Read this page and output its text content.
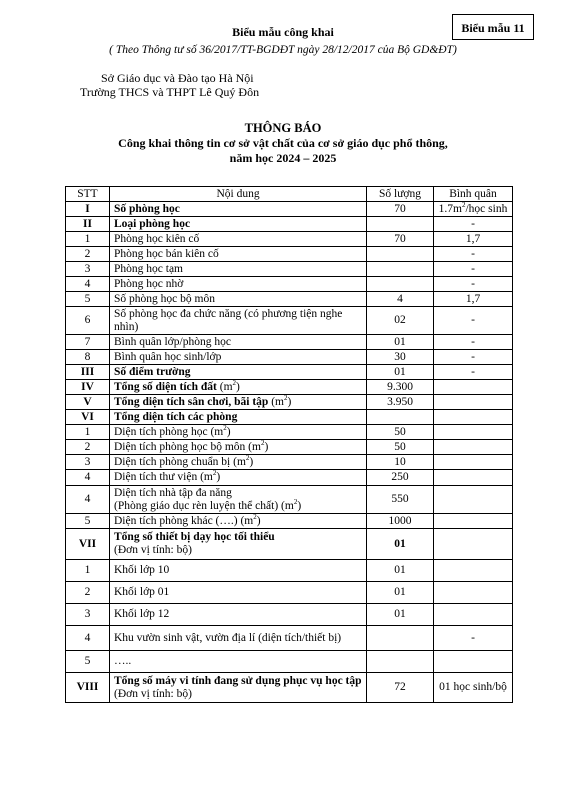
Biểu mẫu 11
Biểu mẫu công khai
( Theo Thông tư số 36/2017/TT-BGDĐT ngày 28/12/2017 của Bộ GD&ĐT)
Sở Giáo dục và Đào tạo Hà Nội
Trường THCS và THPT Lê Quý Đôn
THÔNG BÁO
Công khai thông tin cơ sở vật chất của cơ sở giáo dục phổ thông,
năm học 2024 – 2025
STT	Nội dung	Số lượng	Bình quân
I	Số phòng học	70	$1.7m^2$/học sinh
II	Loại phòng học		-
1	Phòng học kiên cố	70	1,7
2	Phòng học bán kiên cố		-
3	Phòng học tạm		-
4	Phòng học nhờ		-
5	Số phòng học bộ môn	4	1,7
6	Số phòng học đa chức năng (có phương tiện nghe nhìn)	02	-
7	Bình quân lớp/phòng học	01	-
8	Bình quân học sinh/lớp	30	-
III	Số điểm trường	01	-
IV	Tổng số diện tích đất $(m^2)$	9.300	
V	Tổng diện tích sân chơi, bãi tập $(m^2)$	3.950	
VI	Tổng diện tích các phòng		
1	Diện tích phòng học $(m^2)$	50	
2	Diện tích phòng học bộ môn $(m^2)$	50	
3	Diện tích phòng chuẩn bị $(m^2)$	10	
4	Diện tích thư viện $(m^2)$	250	
4	Diện tích nhà tập đa năng
(Phòng giáo dục rèn luyện thể chất) $(m^2)$	550	
5	Diện tích phòng khác (….) $(m^2)$	1000	
VII	Tổng số thiết bị dạy học tối thiểu
(Đơn vị tính: bộ)	01	
1	Khối lớp 10	01	
2	Khối lớp 01	01	
3	Khối lớp 12	01	
4	Khu vườn sinh vật, vườn địa lí (diện tích/thiết bị)		-
5	…..		
VIII	Tổng số máy vi tính đang sử dụng phục vụ học tập (Đơn vị tính: bộ)	72	01 học sinh/bộ
